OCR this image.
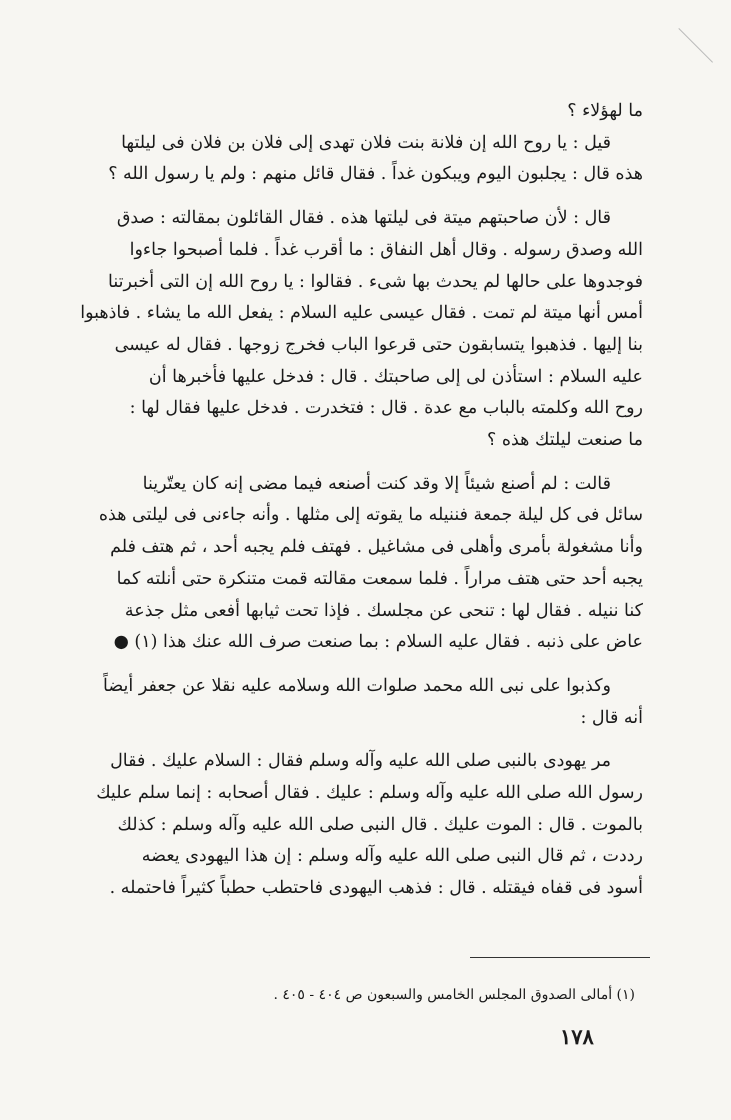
ما لهؤلاء ؟

قيل : يا روح الله إن فلانة بنت فلان تهدى إلى فلان بن فلان فى ليلتها

هذه قال : يجلبون اليوم ويبكون غداً . فقال قائل منهم : ولم يا رسول الله ؟

قال : لأن صاحبتهم ميتة فى ليلتها هذه . فقال القائلون بمقالته : صدق

الله وصدق رسوله . وقال أهل النفاق : ما أقرب غداً . فلما أصبحوا جاءوا

فوجدوها على حالها لم يحدث بها شىء . فقالوا : يا روح الله إن التى أخبرتنا

أمس أنها ميتة لم تمت . فقال عيسى عليه السلام : يفعل الله ما يشاء . فاذهبوا

بنا إليها . فذهبوا يتسابقون حتى قرعوا الباب فخرج زوجها . فقال له عيسى

عليه السلام : استأذن لى إلى صاحبتك . قال : فدخل عليها فأخبرها أن

روح الله وكلمته بالباب مع عدة . قال : فتخدرت . فدخل عليها فقال لها :

ما صنعت ليلتك هذه ؟

قالت : لم أصنع شيئاً إلا وقد كنت أصنعه فيما مضى إنه كان يعتّرينا

سائل فى كل ليلة جمعة فننيله ما يقوته إلى مثلها . وأنه جاءنى فى ليلتى هذه

وأنا مشغولة بأمرى وأهلى فى مشاغيل . فهتف فلم يجبه أحد ، ثم هتف فلم

يجبه أحد حتى هتف مراراً . فلما سمعت مقالته قمت متنكرة حتى أنلته كما

كنا ننيله . فقال لها : تنحى عن مجلسك . فإذا تحت ثيابها أفعى مثل جذعة

عاض على ذنبه . فقال عليه السلام : بما صنعت صرف الله عنك هذا (١) ●

وكذبوا على نبى الله محمد صلوات الله وسلامه عليه نقلا عن جعفر أيضاً

أنه قال :

مر يهودى بالنبى صلى الله عليه وآله وسلم فقال : السلام عليك . فقال

رسول الله صلى الله عليه وآله وسلم : عليك . فقال أصحابه : إنما سلم عليك

بالموت . قال : الموت عليك . قال النبى صلى الله عليه وآله وسلم : كذلك

رددت ، ثم قال النبى صلى الله عليه وآله وسلم : إن هذا اليهودى يعضه

أسود فى قفاه فيقتله . قال : فذهب اليهودى فاحتطب حطباً كثيراً فاحتمله .

(١) أمالى الصدوق المجلس الخامس والسبعون ص ٤٠٤ - ٤٠٥ .
١٧٨
